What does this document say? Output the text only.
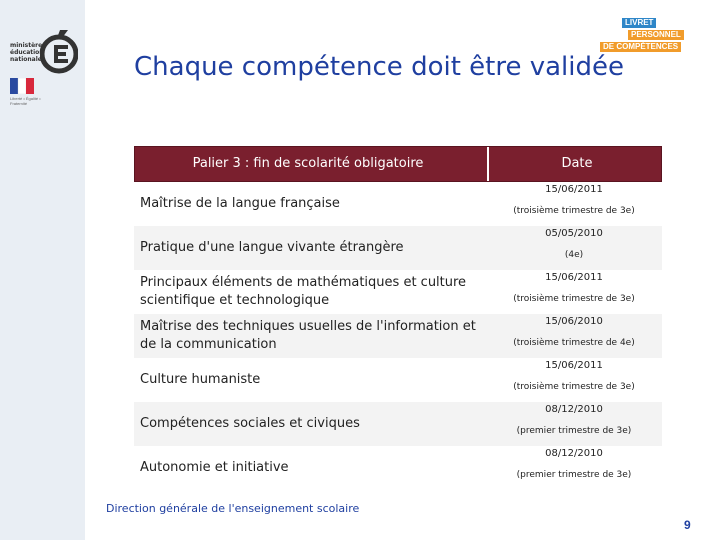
ministère
éducation
nationale
Liberté • Égalité • Fraternité
LIVRET
PERSONNEL
DE COMPÉTENCES
Chaque compétence doit être validée
Palier 3 : fin de scolarité obligatoire	Date
Maîtrise de la langue française
15/06/2011
(troisième trimestre de 3e)
Pratique d'une langue vivante étrangère
05/05/2010
(4e)
Principaux éléments de mathématiques et culture scientifique et technologique
15/06/2011
(troisième trimestre de 3e)
Maîtrise des techniques usuelles de l'information et de la communication
15/06/2010
(troisième trimestre de 4e)
Culture humaniste
15/06/2011
(troisième trimestre de 3e)
Compétences sociales et civiques
08/12/2010
(premier trimestre de 3e)
Autonomie et initiative
08/12/2010
(premier trimestre de 3e)
Direction générale de l'enseignement scolaire
9
